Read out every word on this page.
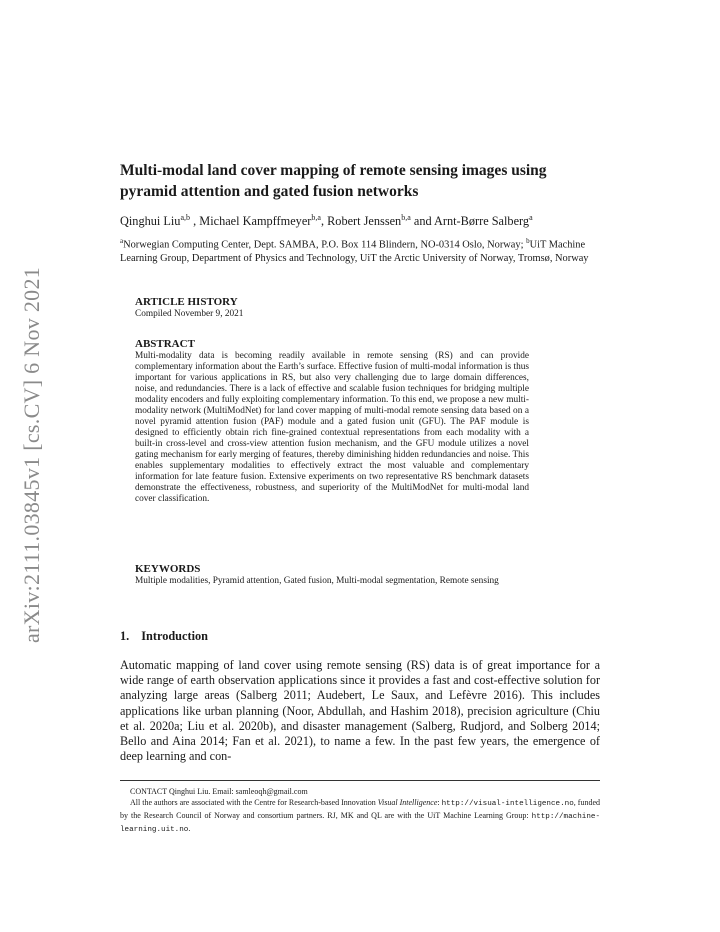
arXiv:2111.03845v1 [cs.CV] 6 Nov 2021
Multi-modal land cover mapping of remote sensing images using pyramid attention and gated fusion networks
Qinghui Liu$^{a,b}$ , Michael Kampffmeyer$^{b,a}$, Robert Jenssen$^{b,a}$ and Arnt-Børre Salberg$^a$
$^a$Norwegian Computing Center, Dept. SAMBA, P.O. Box 114 Blindern, NO-0314 Oslo, Norway; $^b$UiT Machine Learning Group, Department of Physics and Technology, UiT the Arctic University of Norway, Tromsø, Norway
ARTICLE HISTORY
Compiled November 9, 2021
ABSTRACT
Multi-modality data is becoming readily available in remote sensing (RS) and can provide complementary information about the Earth’s surface. Effective fusion of multi-modal information is thus important for various applications in RS, but also very challenging due to large domain differences, noise, and redundancies. There is a lack of effective and scalable fusion techniques for bridging multiple modality encoders and fully exploiting complementary information. To this end, we propose a new multi-modality network (MultiModNet) for land cover mapping of multi-modal remote sensing data based on a novel pyramid attention fusion (PAF) module and a gated fusion unit (GFU). The PAF module is designed to efficiently obtain rich fine-grained contextual representations from each modality with a built-in cross-level and cross-view attention fusion mechanism, and the GFU module utilizes a novel gating mechanism for early merging of features, thereby diminishing hidden redundancies and noise. This enables supplementary modalities to effectively extract the most valuable and complementary information for late feature fusion. Extensive experiments on two representative RS benchmark datasets demonstrate the effectiveness, robustness, and superiority of the MultiModNet for multi-modal land cover classification.
KEYWORDS
Multiple modalities, Pyramid attention, Gated fusion, Multi-modal segmentation, Remote sensing
1. Introduction

Automatic mapping of land cover using remote sensing (RS) data is of great importance for a wide range of earth observation applications since it provides a fast and cost-effective solution for analyzing large areas (Salberg 2011; Audebert, Le Saux, and Lefèvre 2016). This includes applications like urban planning (Noor, Abdullah, and Hashim 2018), precision agriculture (Chiu et al. 2020a; Liu et al. 2020b), and disaster management (Salberg, Rudjord, and Solberg 2014; Bello and Aina 2014; Fan et al. 2021), to name a few. In the past few years, the emergence of deep learning and con-

CONTACT Qinghui Liu. Email: samleoqh@gmail.com
All the authors are associated with the Centre for Research-based Innovation Visual Intelligence: http://visual-intelligence.no, funded by the Research Council of Norway and consortium partners. RJ, MK and QL are with the UiT Machine Learning Group: http://machine-learning.uit.no.
